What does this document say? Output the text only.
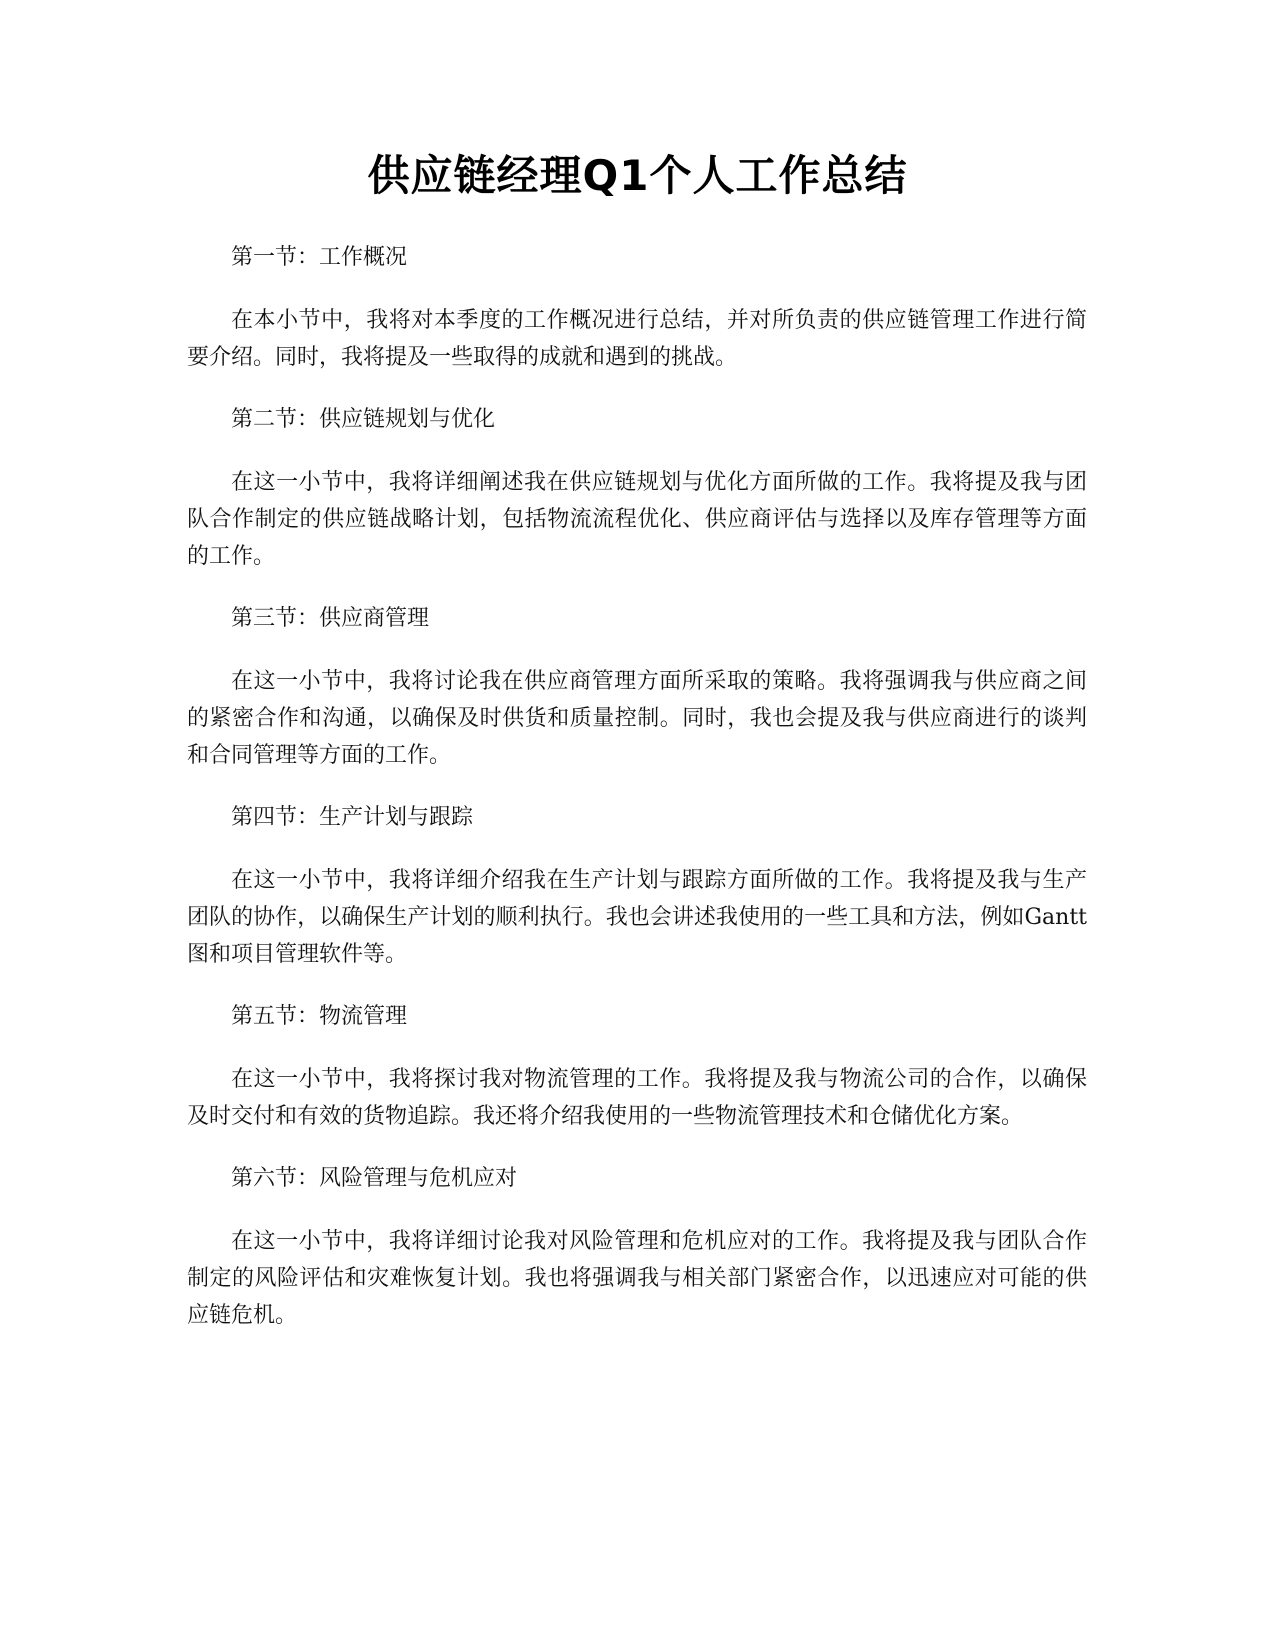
供应链经理Q1个人工作总结

第一节：工作概况

在本小节中，我将对本季度的工作概况进行总结，并对所负责的供应链管理工作进行简要介绍。同时，我将提及一些取得的成就和遇到的挑战。

第二节：供应链规划与优化

在这一小节中，我将详细阐述我在供应链规划与优化方面所做的工作。我将提及我与团队合作制定的供应链战略计划，包括物流流程优化、供应商评估与选择以及库存管理等方面的工作。

第三节：供应商管理

在这一小节中，我将讨论我在供应商管理方面所采取的策略。我将强调我与供应商之间的紧密合作和沟通，以确保及时供货和质量控制。同时，我也会提及我与供应商进行的谈判和合同管理等方面的工作。

第四节：生产计划与跟踪

在这一小节中，我将详细介绍我在生产计划与跟踪方面所做的工作。我将提及我与生产团队的协作，以确保生产计划的顺利执行。我也会讲述我使用的一些工具和方法，例如Gantt图和项目管理软件等。

第五节：物流管理

在这一小节中，我将探讨我对物流管理的工作。我将提及我与物流公司的合作，以确保及时交付和有效的货物追踪。我还将介绍我使用的一些物流管理技术和仓储优化方案。

第六节：风险管理与危机应对

在这一小节中，我将详细讨论我对风险管理和危机应对的工作。我将提及我与团队合作制定的风险评估和灾难恢复计划。我也将强调我与相关部门紧密合作，以迅速应对可能的供应链危机。
